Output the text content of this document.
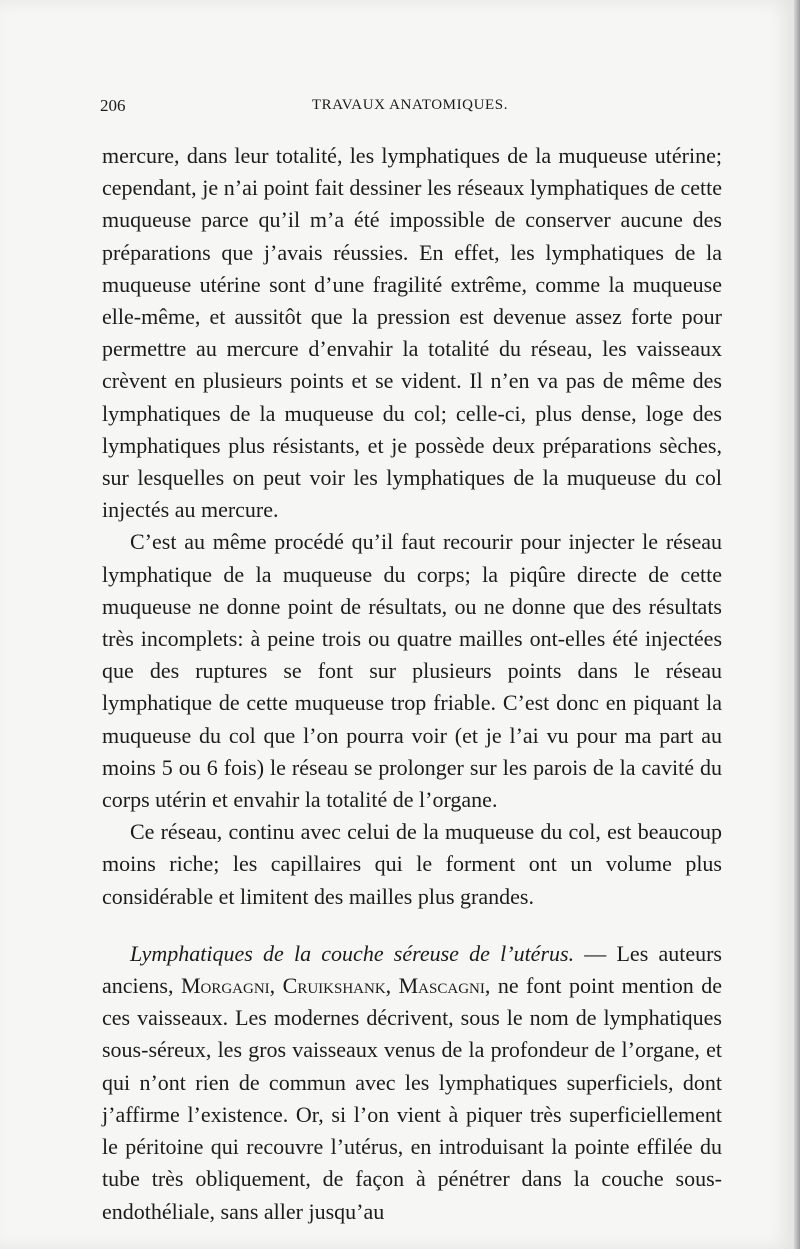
206	TRAVAUX ANATOMIQUES.

mercure, dans leur totalité, les lymphatiques de la muqueuse utérine; cependant, je n’ai point fait dessiner les réseaux lymphatiques de cette muqueuse parce qu’il m’a été impossible de conserver aucune des préparations que j’avais réussies. En effet, les lymphatiques de la muqueuse utérine sont d’une fragilité extrême, comme la muqueuse elle-même, et aussitôt que la pression est devenue assez forte pour permettre au mercure d’envahir la totalité du réseau, les vaisseaux crèvent en plusieurs points et se vident. Il n’en va pas de même des lymphatiques de la muqueuse du col; celle-ci, plus dense, loge des lymphatiques plus résistants, et je possède deux préparations sèches, sur lesquelles on peut voir les lymphatiques de la muqueuse du col injectés au mercure.

C’est au même procédé qu’il faut recourir pour injecter le réseau lymphatique de la muqueuse du corps; la piqûre directe de cette muqueuse ne donne point de résultats, ou ne donne que des résultats très incomplets: à peine trois ou quatre mailles ont-elles été injectées que des ruptures se font sur plusieurs points dans le réseau lymphatique de cette muqueuse trop friable. C’est donc en piquant la muqueuse du col que l’on pourra voir (et je l’ai vu pour ma part au moins 5 ou 6 fois) le réseau se prolonger sur les parois de la cavité du corps utérin et envahir la totalité de l’organe.

Ce réseau, continu avec celui de la muqueuse du col, est beaucoup moins riche; les capillaires qui le forment ont un volume plus considérable et limitent des mailles plus grandes.

Lymphatiques de la couche séreuse de l’utérus. — Les auteurs anciens, Morgagni, Cruikshank, Mascagni, ne font point mention de ces vaisseaux. Les modernes décrivent, sous le nom de lymphatiques sous-séreux, les gros vaisseaux venus de la profondeur de l’organe, et qui n’ont rien de commun avec les lymphatiques superficiels, dont j’affirme l’existence. Or, si l’on vient à piquer très superficiellement le péritoine qui recouvre l’utérus, en introduisant la pointe effilée du tube très obliquement, de façon à pénétrer dans la couche sous-endothéliale, sans aller jusqu’au
